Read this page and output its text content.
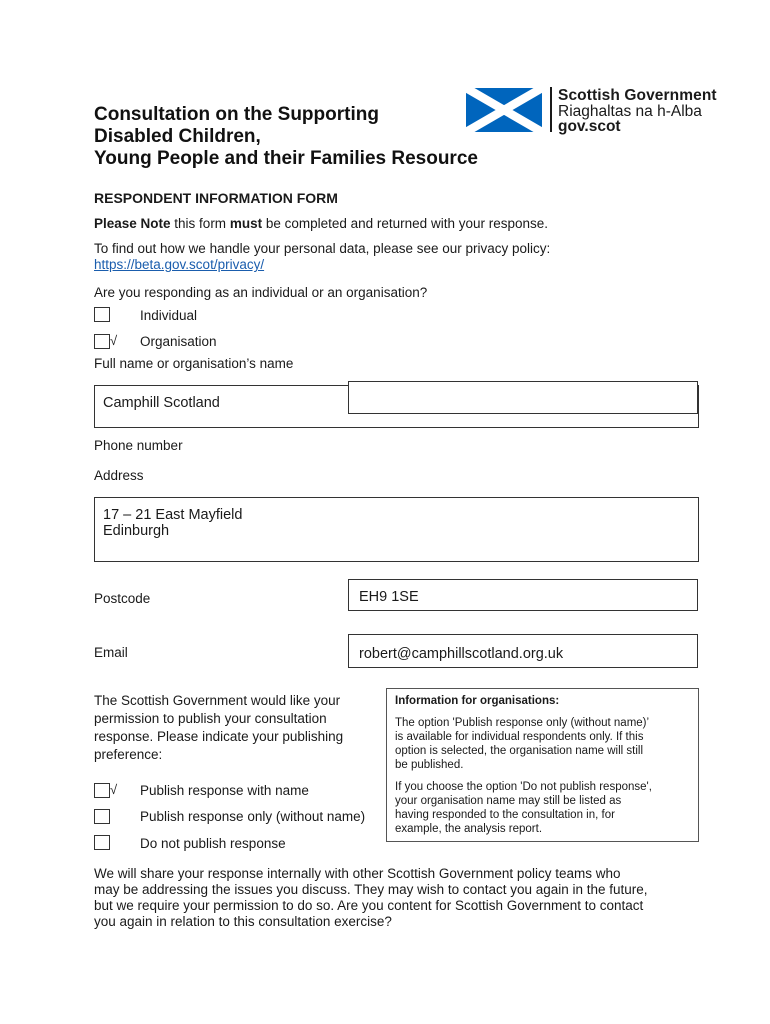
Consultation on the Supporting
Disabled Children,
Young People and their Families Resource
Scottish Government
Riaghaltas na h-Alba
gov.scot
RESPONDENT INFORMATION FORM
Please Note this form must be completed and returned with your response.
To find out how we handle your personal data, please see our privacy policy:
https://beta.gov.scot/privacy/
Are you responding as an individual or an organisation?
Individual
√ Organisation
Full name or organisation’s name
Camphill Scotland
Phone number
Address
17 – 21 East Mayfield
Edinburgh
Postcode	EH9 1SE
Email	robert@camphillscotland.org.uk
The Scottish Government would like your
permission to publish your consultation
response. Please indicate your publishing
preference:
√ Publish response with name
Publish response only (without name)
Do not publish response
Information for organisations:
The option 'Publish response only (without name)’
is available for individual respondents only. If this
option is selected, the organisation name will still
be published.
If you choose the option 'Do not publish response',
your organisation name may still be listed as
having responded to the consultation in, for
example, the analysis report.
We will share your response internally with other Scottish Government policy teams who
may be addressing the issues you discuss. They may wish to contact you again in the future,
but we require your permission to do so. Are you content for Scottish Government to contact
you again in relation to this consultation exercise?
